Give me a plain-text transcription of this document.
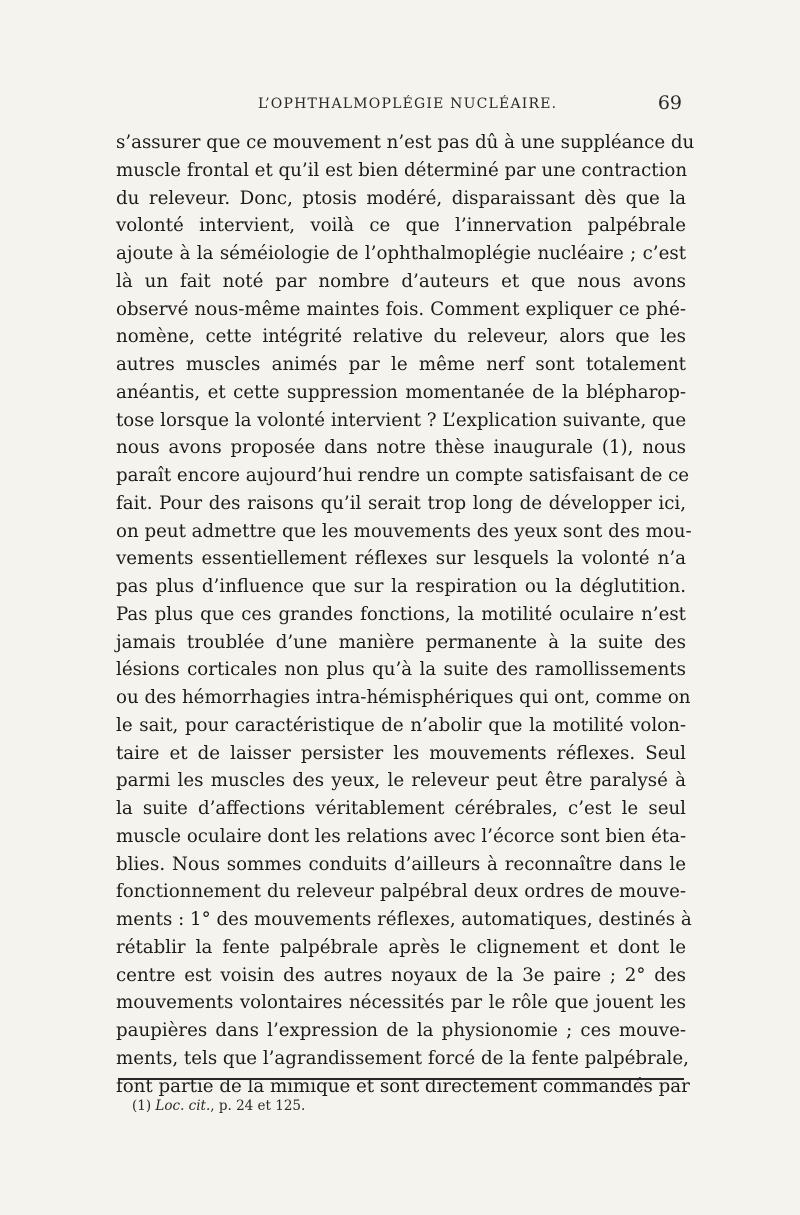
L’OPHTHALMOPLÉGIE NUCLÉAIRE.	69
s’assurer que ce mouvement n’est pas dû à une suppléance du
muscle frontal et qu’il est bien déterminé par une contraction
du releveur. Donc, ptosis modéré, disparaissant dès que la
volonté intervient, voilà ce que l’innervation palpébrale
ajoute à la séméiologie de l’ophthalmoplégie nucléaire ; c’est
là un fait noté par nombre d’auteurs et que nous avons
observé nous-même maintes fois. Comment expliquer ce phé-
nomène, cette intégrité relative du releveur, alors que les
autres muscles animés par le même nerf sont totalement
anéantis, et cette suppression momentanée de la blépharop-
tose lorsque la volonté intervient ? L’explication suivante, que
nous avons proposée dans notre thèse inaugurale (1), nous
paraît encore aujourd’hui rendre un compte satisfaisant de ce
fait. Pour des raisons qu’il serait trop long de développer ici,
on peut admettre que les mouvements des yeux sont des mou-
vements essentiellement réflexes sur lesquels la volonté n’a
pas plus d’influence que sur la respiration ou la déglutition.
Pas plus que ces grandes fonctions, la motilité oculaire n’est
jamais troublée d’une manière permanente à la suite des
lésions corticales non plus qu’à la suite des ramollissements
ou des hémorrhagies intra-hémisphériques qui ont, comme on
le sait, pour caractéristique de n’abolir que la motilité volon-
taire et de laisser persister les mouvements réflexes. Seul
parmi les muscles des yeux, le releveur peut être paralysé à
la suite d’affections véritablement cérébrales, c’est le seul
muscle oculaire dont les relations avec l’écorce sont bien éta-
blies. Nous sommes conduits d’ailleurs à reconnaître dans le
fonctionnement du releveur palpébral deux ordres de mouve-
ments : 1° des mouvements réflexes, automatiques, destinés à
rétablir la fente palpébrale après le clignement et dont le
centre est voisin des autres noyaux de la 3e paire ; 2° des
mouvements volontaires nécessités par le rôle que jouent les
paupières dans l’expression de la physionomie ; ces mouve-
ments, tels que l’agrandissement forcé de la fente palpébrale,
font partie de la mimique et sont directement commandés par
(1) Loc. cit., p. 24 et 125.
